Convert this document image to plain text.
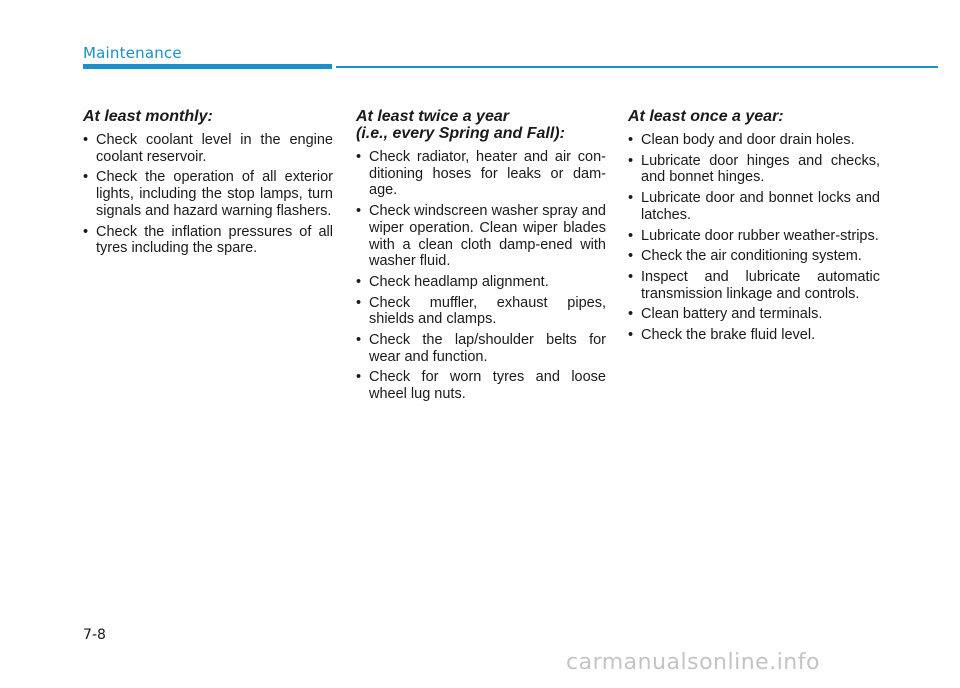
Maintenance
At least monthly:
• Check coolant level in the engine coolant reservoir.
• Check the operation of all exterior lights, including the stop lamps, turn signals and hazard warning flashers.
• Check the inflation pressures of all tyres including the spare.
At least twice a year
(i.e., every Spring and Fall):
• Check radiator, heater and air con-ditioning hoses for leaks or dam-age.
• Check windscreen washer spray and wiper operation. Clean wiper blades with a clean cloth damp-ened with washer fluid.
• Check headlamp alignment.
• Check muffler, exhaust pipes, shields and clamps.
• Check the lap/shoulder belts for wear and function.
• Check for worn tyres and loose wheel lug nuts.
At least once a year:
• Clean body and door drain holes.
• Lubricate door hinges and checks, and bonnet hinges.
• Lubricate door and bonnet locks and latches.
• Lubricate door rubber weather-strips.
• Check the air conditioning system.
• Inspect and lubricate automatic transmission linkage and controls.
• Clean battery and terminals.
• Check the brake fluid level.
7-8
carmanualsonline.info
